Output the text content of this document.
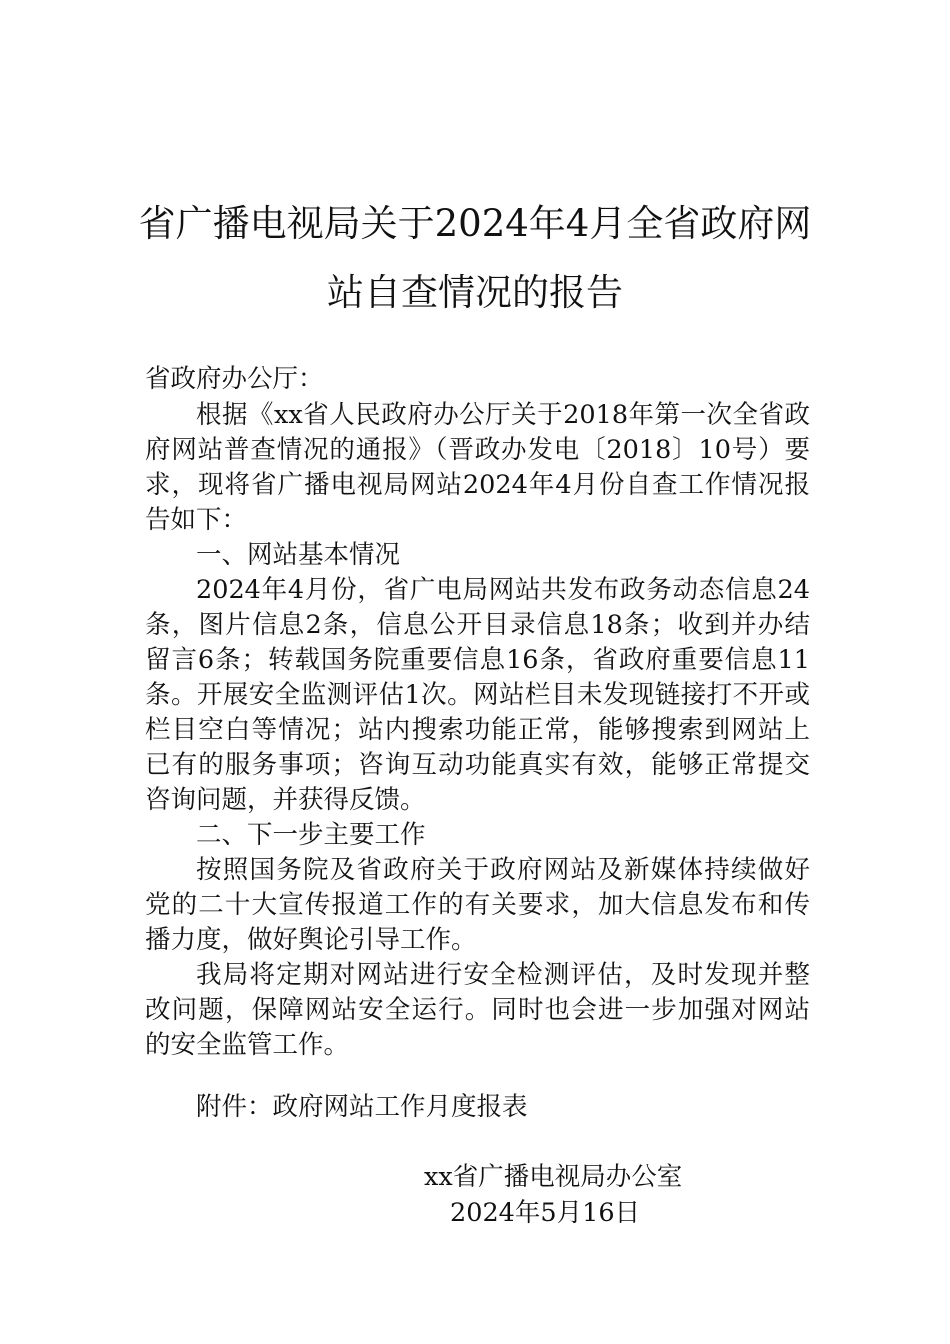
省广播电视局关于2024年4月全省政府网
站自查情况的报告
省政府办公厅：
根据《xx省人民政府办公厅关于2018年第一次全省政
府网站普查情况的通报》（晋政办发电〔2018〕10号）要
求，现将省广播电视局网站2024年4月份自查工作情况报
告如下：
一、网站基本情况
2024年4月份，省广电局网站共发布政务动态信息24
条，图片信息2条，信息公开目录信息18条；收到并办结
留言6条；转载国务院重要信息16条，省政府重要信息11
条。开展安全监测评估1次。网站栏目未发现链接打不开或
栏目空白等情况；站内搜索功能正常，能够搜索到网站上
已有的服务事项；咨询互动功能真实有效，能够正常提交
咨询问题，并获得反馈。
二、下一步主要工作
按照国务院及省政府关于政府网站及新媒体持续做好
党的二十大宣传报道工作的有关要求，加大信息发布和传
播力度，做好舆论引导工作。
我局将定期对网站进行安全检测评估，及时发现并整
改问题，保障网站安全运行。同时也会进一步加强对网站
的安全监管工作。
附件：政府网站工作月度报表
xx省广播电视局办公室
2024年5月16日
